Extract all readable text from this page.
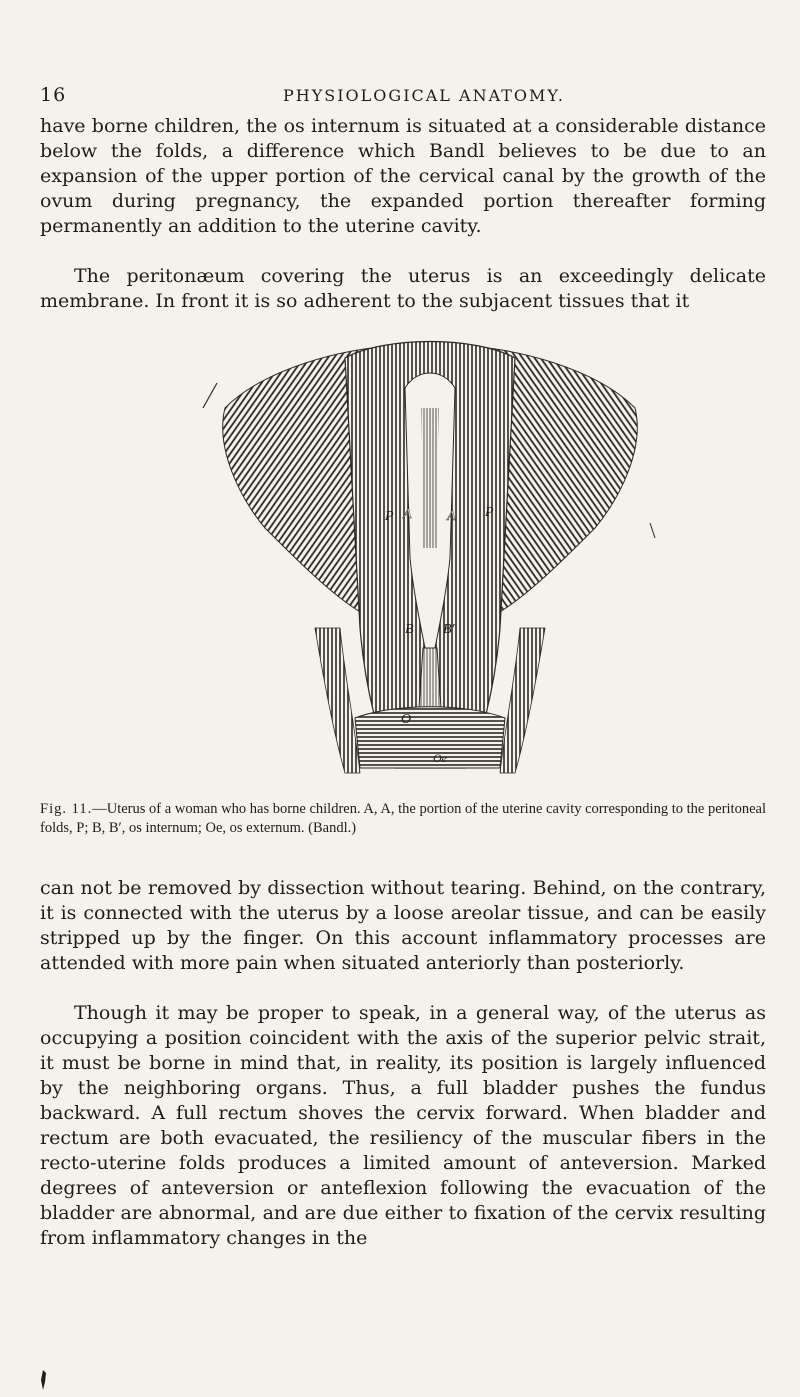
16	PHYSIOLOGICAL ANATOMY.

have borne children, the os internum is situated at a considerable distance below the folds, a difference which Bandl believes to be due to an expansion of the upper portion of the cervical canal by the growth of the ovum during pregnancy, the expanded portion thereafter forming permanently an addition to the uterine cavity.

The peritonæum covering the uterus is an exceedingly delicate membrane. In front it is so adherent to the subjacent tissues that it

A	A
P	P
B B′
O
Oe

Fig. 11.—Uterus of a woman who has borne children. A, A, the portion of the uterine cavity corresponding to the peritoneal folds, P; B, B′, os internum; Oe, os externum. (Bandl.)

can not be removed by dissection without tearing. Behind, on the contrary, it is connected with the uterus by a loose areolar tissue, and can be easily stripped up by the finger. On this account inflammatory processes are attended with more pain when situated anteriorly than posteriorly.

Though it may be proper to speak, in a general way, of the uterus as occupying a position coincident with the axis of the superior pelvic strait, it must be borne in mind that, in reality, its position is largely influenced by the neighboring organs. Thus, a full bladder pushes the fundus backward. A full rectum shoves the cervix forward. When bladder and rectum are both evacuated, the resiliency of the muscular fibers in the recto-uterine folds produces a limited amount of anteversion. Marked degrees of anteversion or anteflexion following the evacuation of the bladder are abnormal, and are due either to fixation of the cervix resulting from inflammatory changes in the
